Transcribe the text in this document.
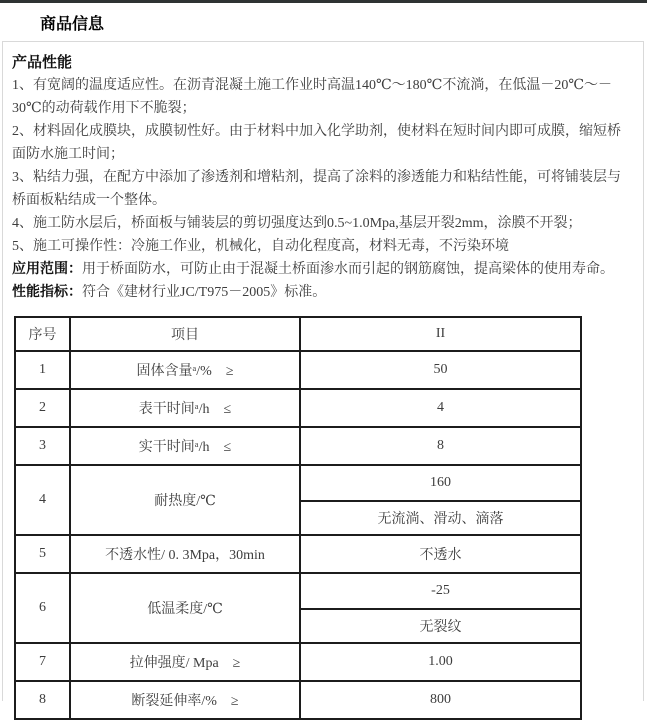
商品信息
产品性能

1、有宽阔的温度适应性。在沥青混凝土施工作业时高温140℃～180℃不流淌，在低温－20℃～－30℃的动荷载作用下不脆裂；

2、材料固化成膜块，成膜韧性好。由于材料中加入化学助剂，使材料在短时间内即可成膜，缩短桥面防水施工时间；

3、粘结力强，在配方中添加了渗透剂和增粘剂，提高了涂料的渗透能力和粘结性能，可将铺装层与桥面板粘结成一个整体。

4、施工防水层后，桥面板与铺装层的剪切强度达到0.5~1.0Mpa,基层开裂2mm，涂膜不开裂；

5、施工可操作性：冷施工作业，机械化，自动化程度高，材料无毒，不污染环境

应用范围：用于桥面防水，可防止由于混凝土桥面渗水而引起的钢筋腐蚀，提高梁体的使用寿命。

性能指标：符合《建材行业JC/T975－2005》标准。

序号	项目	II
1	固体含量ᵃ/%　≥	50

2	表干时间ᵃ/h　≤	4

3	实干时间ᵃ/h　≤	8

4	耐热度/℃	160
无流淌、滑动、滴落

5	不透水性/ 0. 3Mpa，30min	不透水

6	低温柔度/℃	-25
无裂纹

7	拉伸强度/ Mpa　≥	1.00

8	断裂延伸率/%　≥	800
